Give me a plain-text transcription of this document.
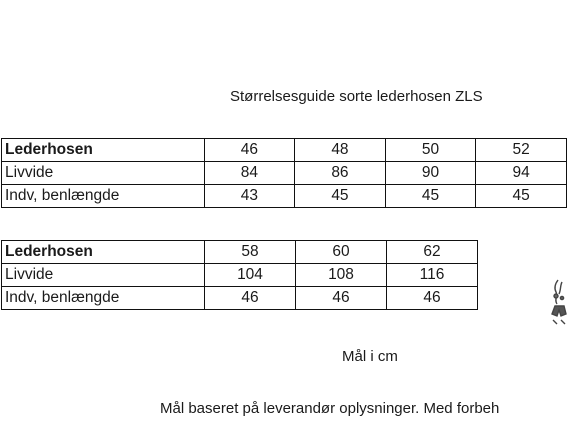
Størrelsesguide sorte lederhosen ZLS
Lederhosen	46	48	50	52
Livvide	84	86	90	94
Indv, benlængde	43	45	45	45
Lederhosen	58	60	62
Livvide	104	108	116
Indv, benlængde	46	46	46
Mål i cm
Mål baseret på leverandør oplysninger. Med forbeh
